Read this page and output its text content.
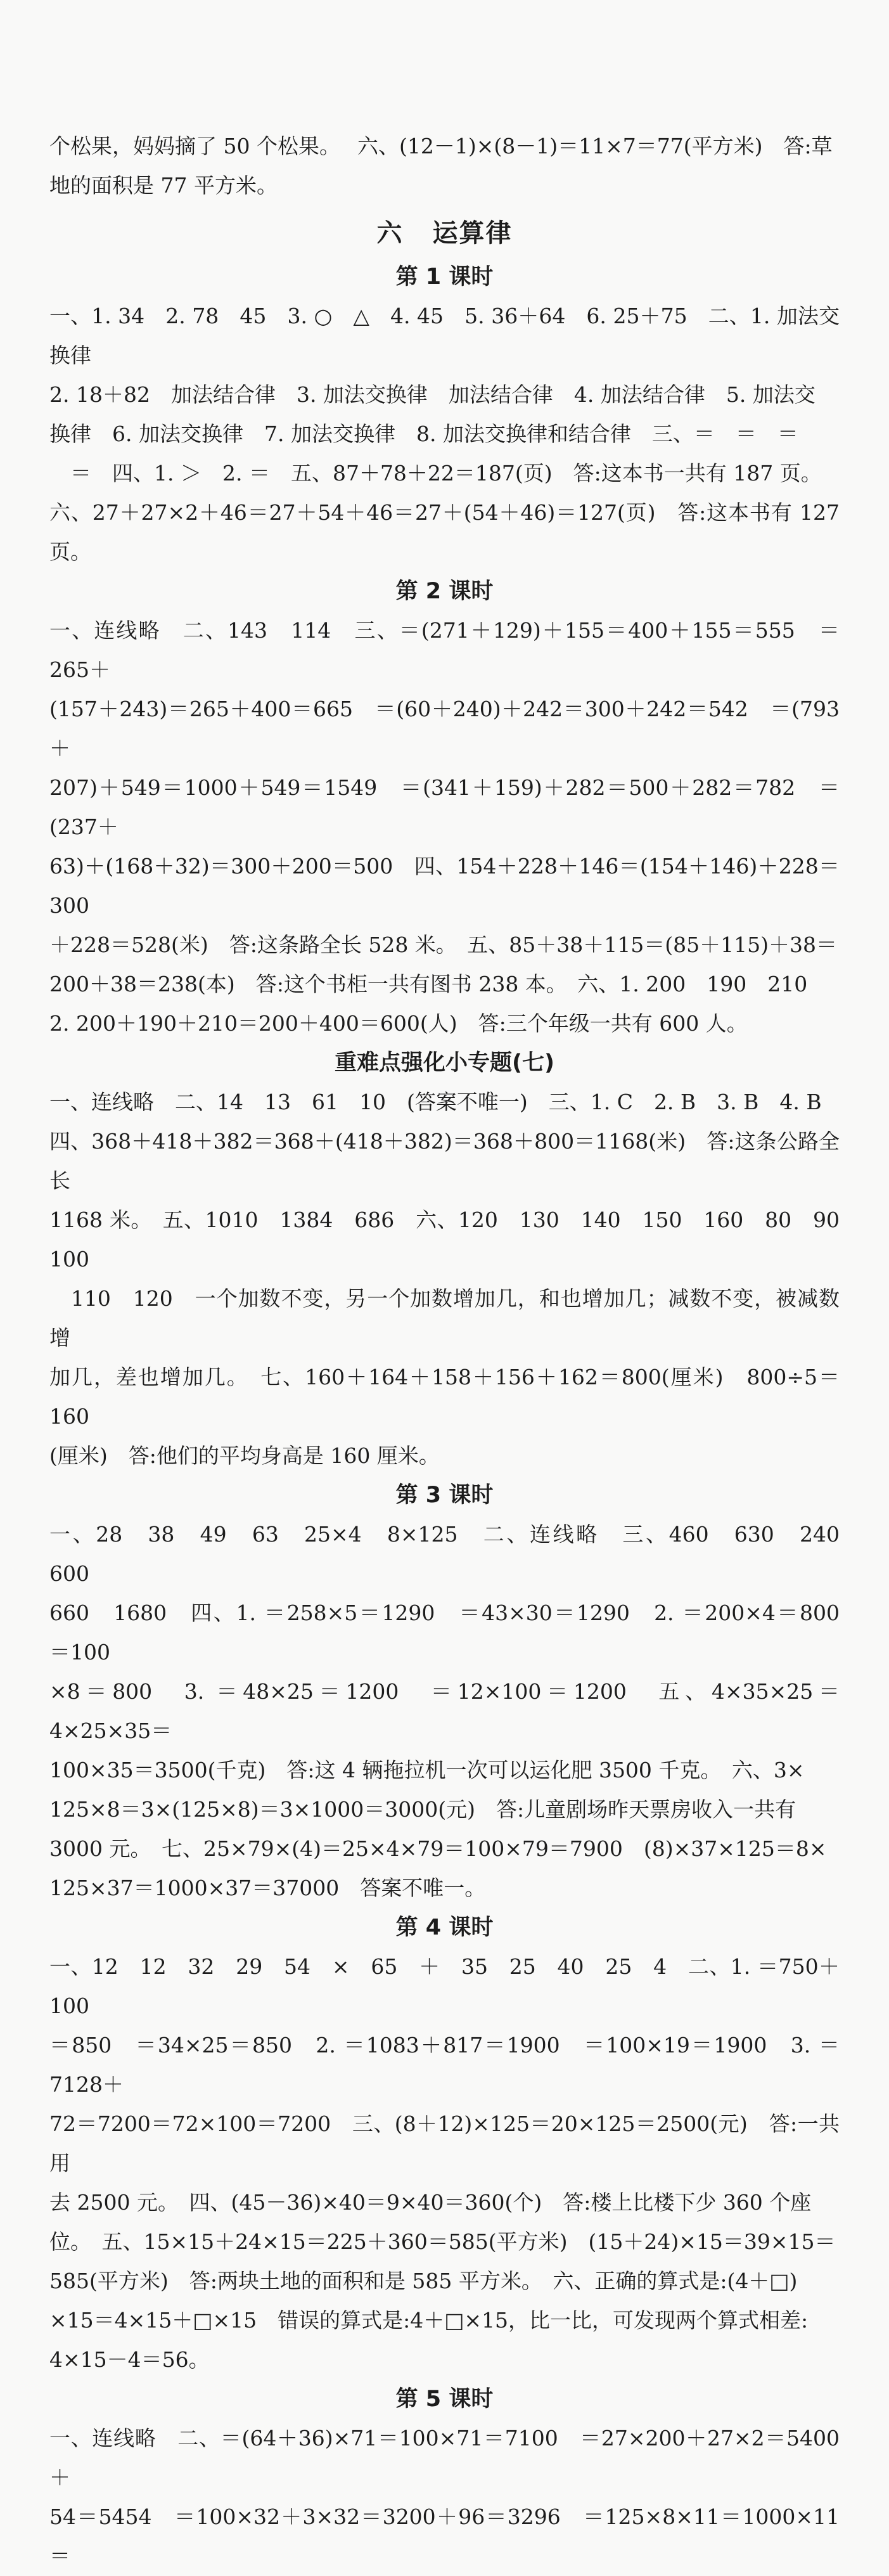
个松果，妈妈摘了 50 个松果。　 六、(12－1)×(8－1)＝11×7＝77(平方米)　答:草

地的面积是 77 平方米。

六 运算律
第 1 课时

一、1. 34　2. 78　45　3. ○　△　4. 45　5. 36＋64　6. 25＋75　二、1. 加法交换律

2. 18＋82　加法结合律　3. 加法交换律　加法结合律　4. 加法结合律　5. 加法交

换律　6. 加法交换律　7. 加法交换律　8. 加法交换律和结合律　三、＝　＝　＝

　＝　四、1. ＞　2. ＝　五、87＋78＋22＝187(页)　答:这本书一共有 187 页。

六、27＋27×2＋46＝27＋54＋46＝27＋(54＋46)＝127(页)　答:这本书有 127 页。

第 2 课时

一、连线略　二、143　114　三、＝(271＋129)＋155＝400＋155＝555　＝265＋

(157＋243)＝265＋400＝665　＝(60＋240)＋242＝300＋242＝542　＝(793＋

207)＋549＝1000＋549＝1549　＝(341＋159)＋282＝500＋282＝782　＝(237＋

63)＋(168＋32)＝300＋200＝500　四、154＋228＋146＝(154＋146)＋228＝300

＋228＝528(米)　答:这条路全长 528 米。　五、85＋38＋115＝(85＋115)＋38＝

200＋38＝238(本)　答:这个书柜一共有图书 238 本。　六、1. 200　190　210

2. 200＋190＋210＝200＋400＝600(人)　答:三个年级一共有 600 人。

重难点强化小专题(七)

一、连线略　二、14　13　61　10　(答案不唯一)　三、1. C　2. B　3. B　4. B

四、368＋418＋382＝368＋(418＋382)＝368＋800＝1168(米)　答:这条公路全长

1168 米。　五、1010　1384　686　六、120　130　140　150　160　80　90　100

　110　120　一个加数不变，另一个加数增加几，和也增加几；减数不变，被减数增

加几，差也增加几。　七、160＋164＋158＋156＋162＝800(厘米)　800÷5＝160

(厘米)　答:他们的平均身高是 160 厘米。

第 3 课时

一、28　38　49　63　25×4　8×125　二、连线略　三、460　630　240　600

660　1680　四、1. ＝258×5＝1290　＝43×30＝1290　2. ＝200×4＝800　＝100

×8＝800　3. ＝48×25＝1200　＝12×100＝1200　五、4×35×25＝4×25×35＝

100×35＝3500(千克)　答:这 4 辆拖拉机一次可以运化肥 3500 千克。　六、3×

125×8＝3×(125×8)＝3×1000＝3000(元)　答:儿童剧场昨天票房收入一共有

3000 元。　七、25×79×(4)＝25×4×79＝100×79＝7900　(8)×37×125＝8×

125×37＝1000×37＝37000　答案不唯一。

第 4 课时

一、12　12　32　29　54　×　65　＋　35　25　40　25　4　二、1. ＝750＋100

＝850　＝34×25＝850　2. ＝1083＋817＝1900　＝100×19＝1900　3. ＝7128＋

72＝7200＝72×100＝7200　三、(8＋12)×125＝20×125＝2500(元)　答:一共用

去 2500 元。　四、(45－36)×40＝9×40＝360(个)　答:楼上比楼下少 360 个座

位。　五、15×15＋24×15＝225＋360＝585(平方米)　(15＋24)×15＝39×15＝

585(平方米)　答:两块土地的面积和是 585 平方米。　六、正确的算式是:(4＋□)

×15＝4×15＋□×15　错误的算式是:4＋□×15，比一比，可发现两个算式相差:

4×15－4＝56。

第 5 课时

一、连线略　二、＝(64＋36)×71＝100×71＝7100　＝27×200＋27×2＝5400＋

54＝5454　＝100×32＋3×32＝3200＋96＝3296　＝125×8×11＝1000×11＝
